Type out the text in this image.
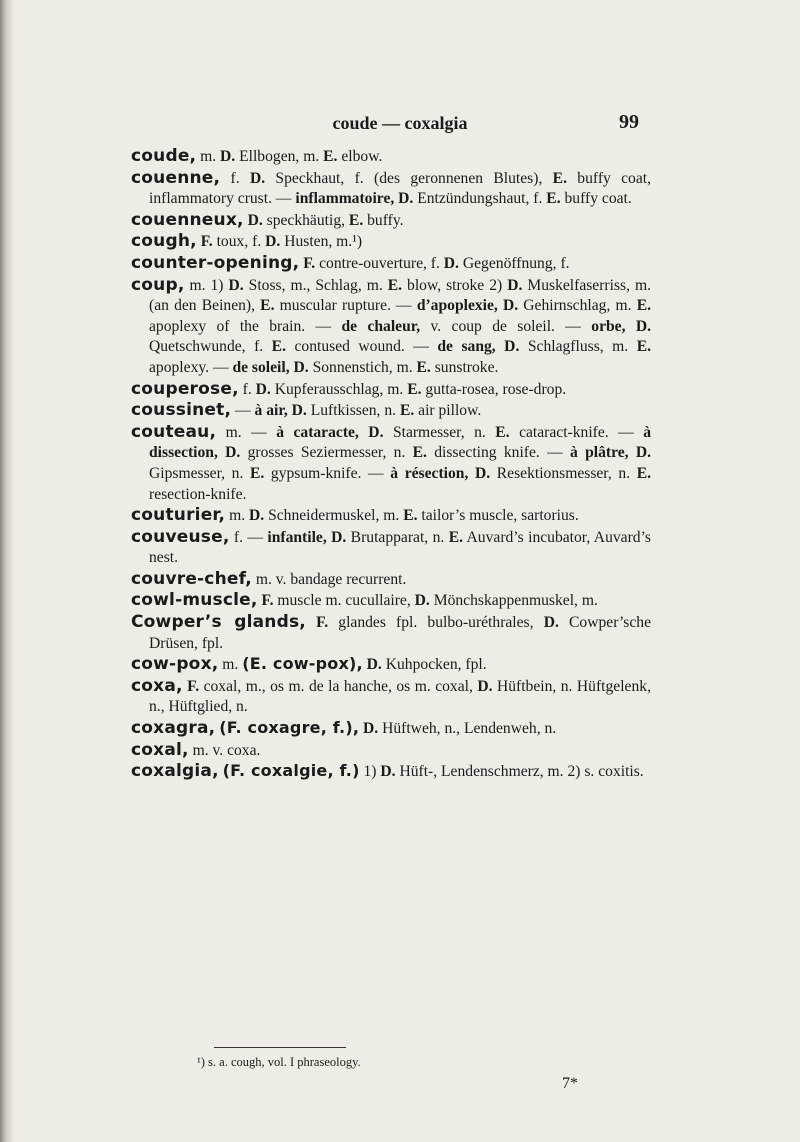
coude — coxalgia	99
coude, m. D. Ellbogen, m. E. elbow.
couenne, f. D. Speckhaut, f. (des geronnenen Blutes), E. buffy coat, inflammatory crust. — inflammatoire, D. Entzündungshaut, f. E. buffy coat.
couenneux, D. speckhäutig, E. buffy.
cough, F. toux, f. D. Husten, m.¹)
counter-opening, F. contre-ouverture, f. D. Gegenöffnung, f.
coup, m. 1) D. Stoss, m., Schlag, m. E. blow, stroke 2) D. Muskelfaserriss, m. (an den Beinen), E. muscular rupture. — d’apoplexie, D. Gehirnschlag, m. E. apoplexy of the brain. — de chaleur, v. coup de soleil. — orbe, D. Quetschwunde, f. E. contused wound. — de sang, D. Schlagfluss, m. E. apoplexy. — de soleil, D. Sonnenstich, m. E. sunstroke.
couperose, f. D. Kupferausschlag, m. E. gutta-rosea, rose-drop.
coussinet, — à air, D. Luftkissen, n. E. air pillow.
couteau, m. — à cataracte, D. Starmesser, n. E. cataract-knife. — à dissection, D. grosses Seziermesser, n. E. dissecting knife. — à plâtre, D. Gipsmesser, n. E. gypsum-knife. — à résection, D. Resektionsmesser, n. E. resection-knife.
couturier, m. D. Schneidermuskel, m. E. tailor’s muscle, sartorius.
couveuse, f. — infantile, D. Brutapparat, n. E. Auvard’s incubator, Auvard’s nest.
couvre-chef, m. v. bandage recurrent.
cowl-muscle, F. muscle m. cucullaire, D. Mönchskappenmuskel, m.
Cowper’s glands, F. glandes fpl. bulbo-uréthrales, D. Cowper’sche Drüsen, fpl.
cow-pox, m. (E. cow-pox), D. Kuhpocken, fpl.
coxa, F. coxal, m., os m. de la hanche, os m. coxal, D. Hüftbein, n. Hüftgelenk, n., Hüftglied, n.
coxagra, (F. coxagre, f.), D. Hüftweh, n., Lendenweh, n.
coxal, m. v. coxa.
coxalgia, (F. coxalgie, f.) 1) D. Hüft-, Lendenschmerz, m. 2) s. coxitis.
¹) s. a. cough, vol. I phraseology.
7*
